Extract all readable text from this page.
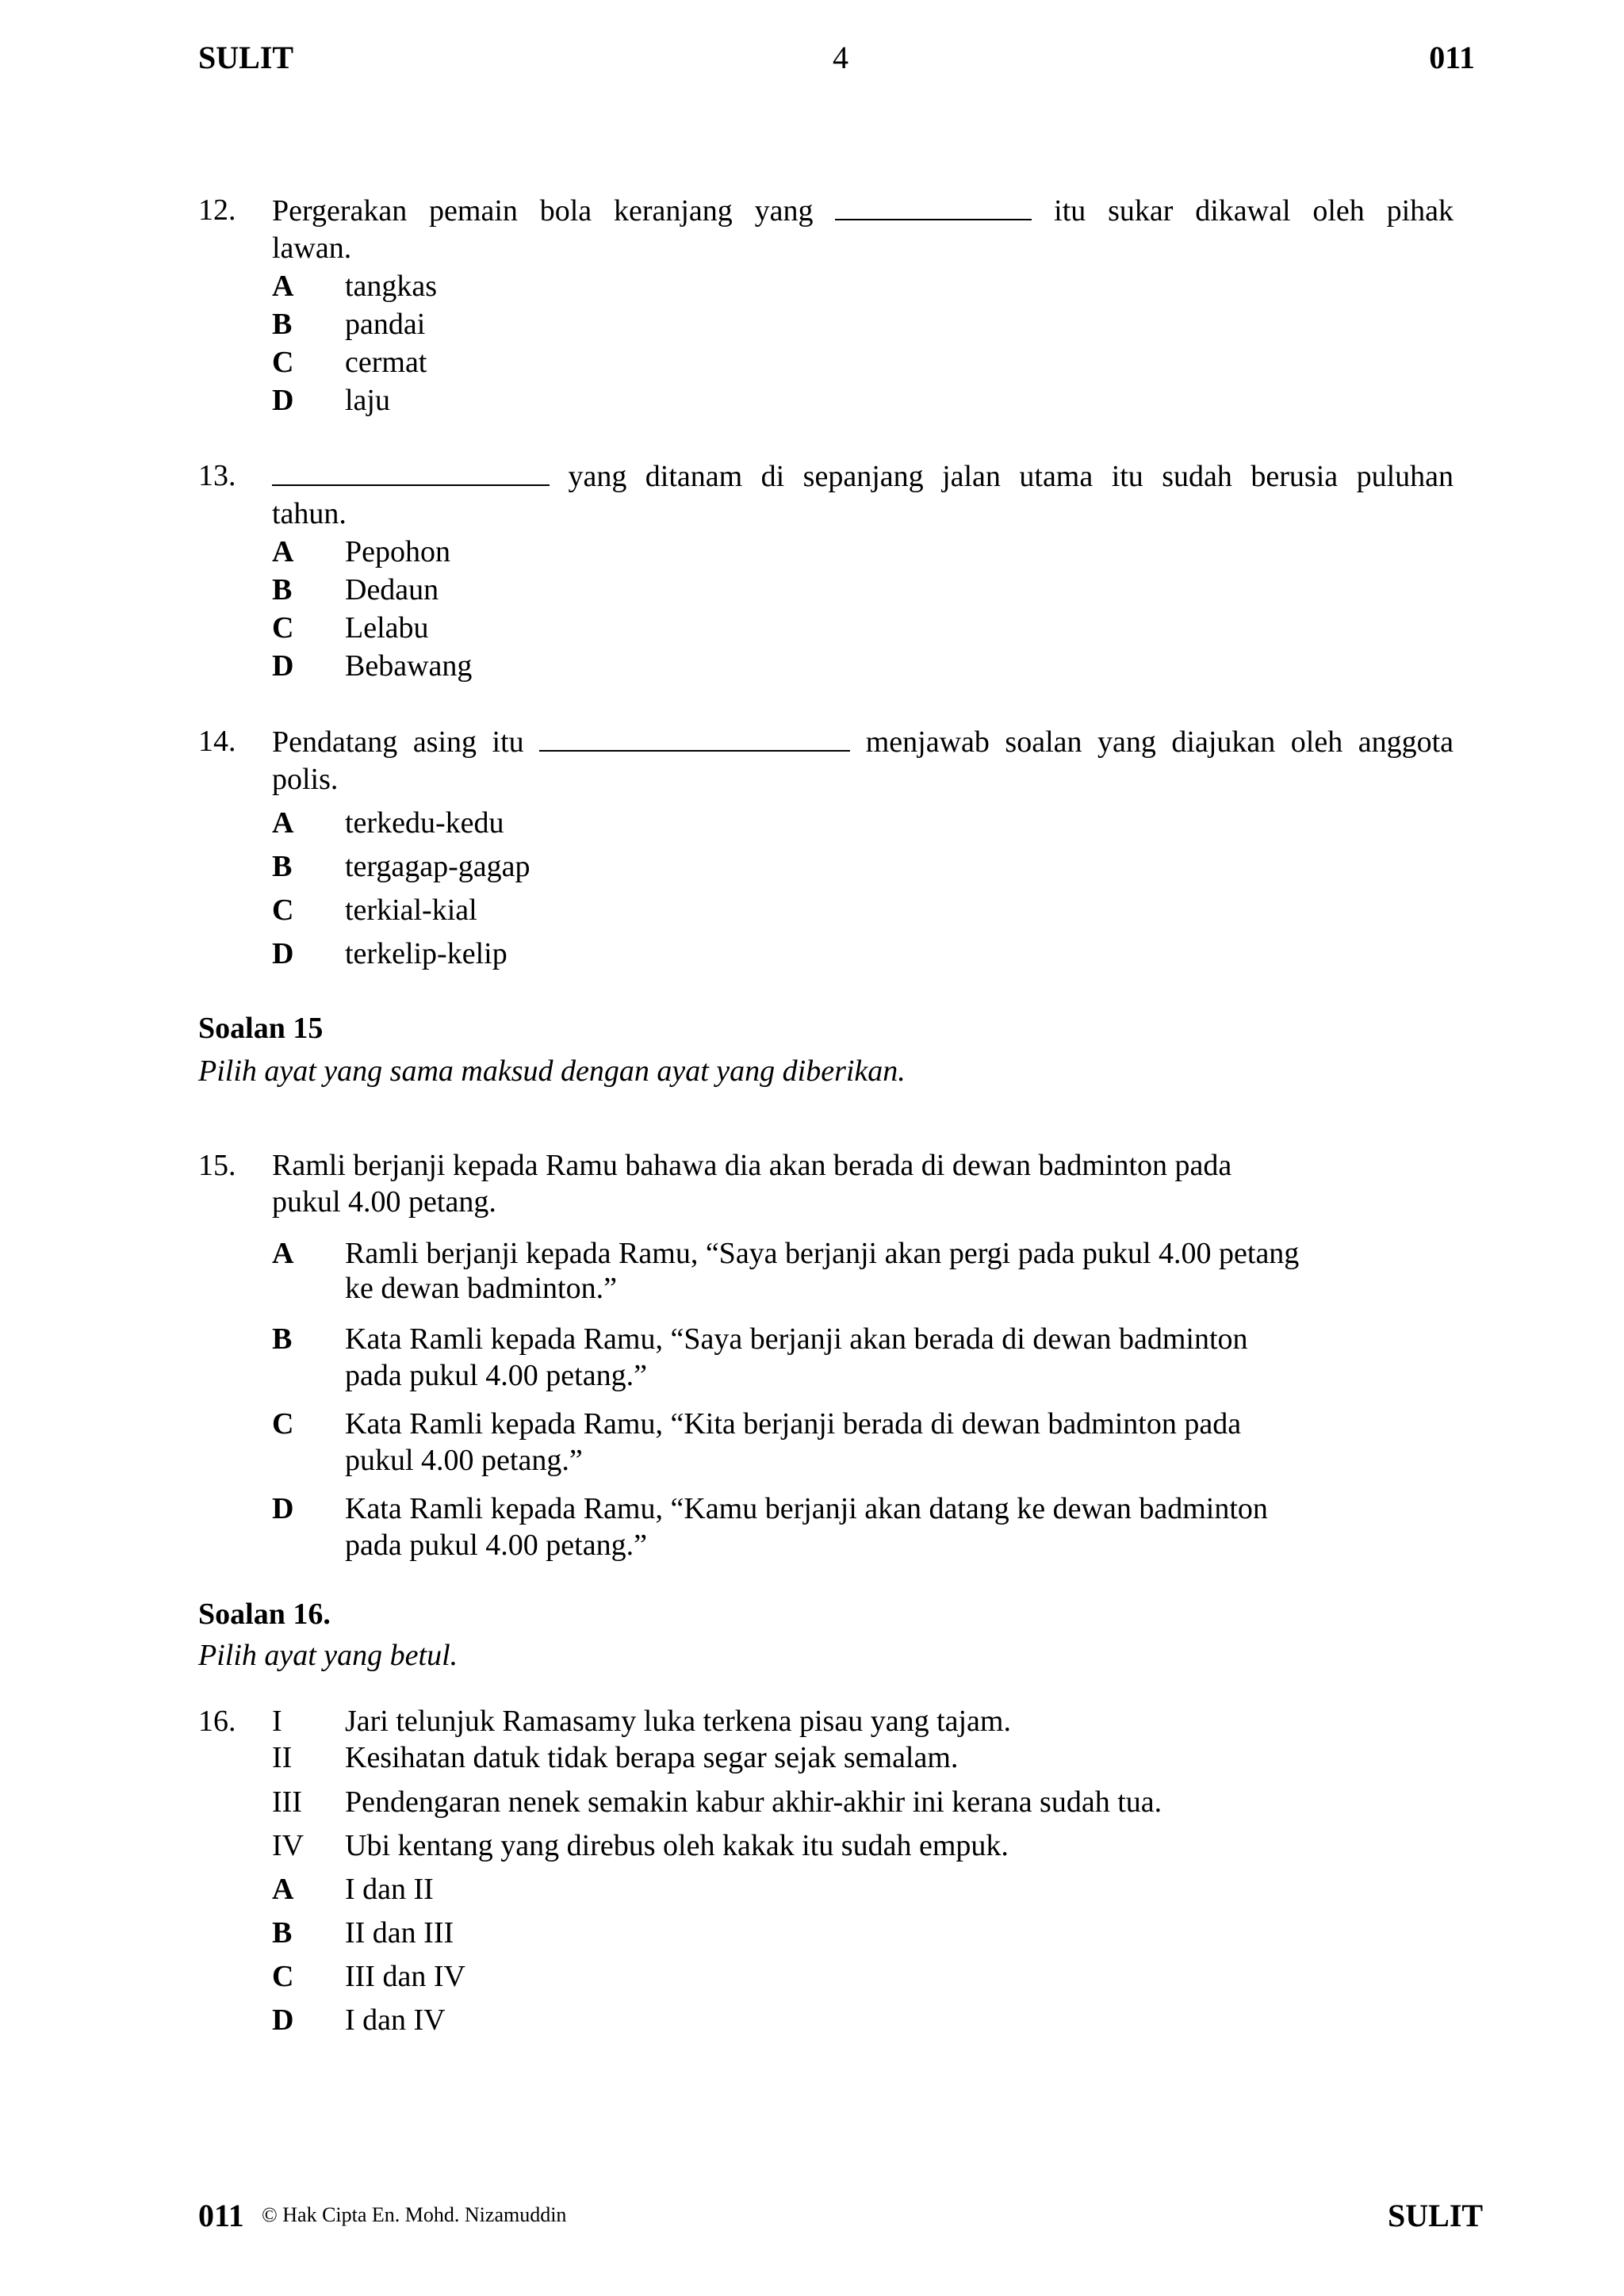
SULIT	4	011
12. Pergerakan pemain bola keranjang yang	itu sukar dikawal oleh pihak
lawan.
A tangkas
B pandai
C cermat
D laju
13.	yang ditanam di sepanjang jalan utama itu sudah berusia puluhan
tahun.
A Pepohon
B Dedaun
C Lelabu
D Bebawang
14. Pendatang asing itu	menjawab soalan yang diajukan oleh anggota
polis.
A terkedu-kedu
B tergagap-gagap
C terkial-kial
D terkelip-kelip
Soalan 15
Pilih ayat yang sama maksud dengan ayat yang diberikan.
15. Ramli berjanji kepada Ramu bahawa dia akan berada di dewan badminton pada
pukul 4.00 petang.
A Ramli berjanji kepada Ramu, “Saya berjanji akan pergi pada pukul 4.00 petang
ke dewan badminton.”
B Kata Ramli kepada Ramu, “Saya berjanji akan berada di dewan badminton
pada pukul 4.00 petang.”
C Kata Ramli kepada Ramu, “Kita berjanji berada di dewan badminton pada
pukul 4.00 petang.”
D Kata Ramli kepada Ramu, “Kamu berjanji akan datang ke dewan badminton
pada pukul 4.00 petang.”
Soalan 16.
Pilih ayat yang betul.
16. I Jari telunjuk Ramasamy luka terkena pisau yang tajam.
II Kesihatan datuk tidak berapa segar sejak semalam.
III Pendengaran nenek semakin kabur akhir-akhir ini kerana sudah tua.
IV Ubi kentang yang direbus oleh kakak itu sudah empuk.
A I dan II
B II dan III
C III dan IV
D I dan IV
011 © Hak Cipta En. Mohd. Nizamuddin	SULIT
